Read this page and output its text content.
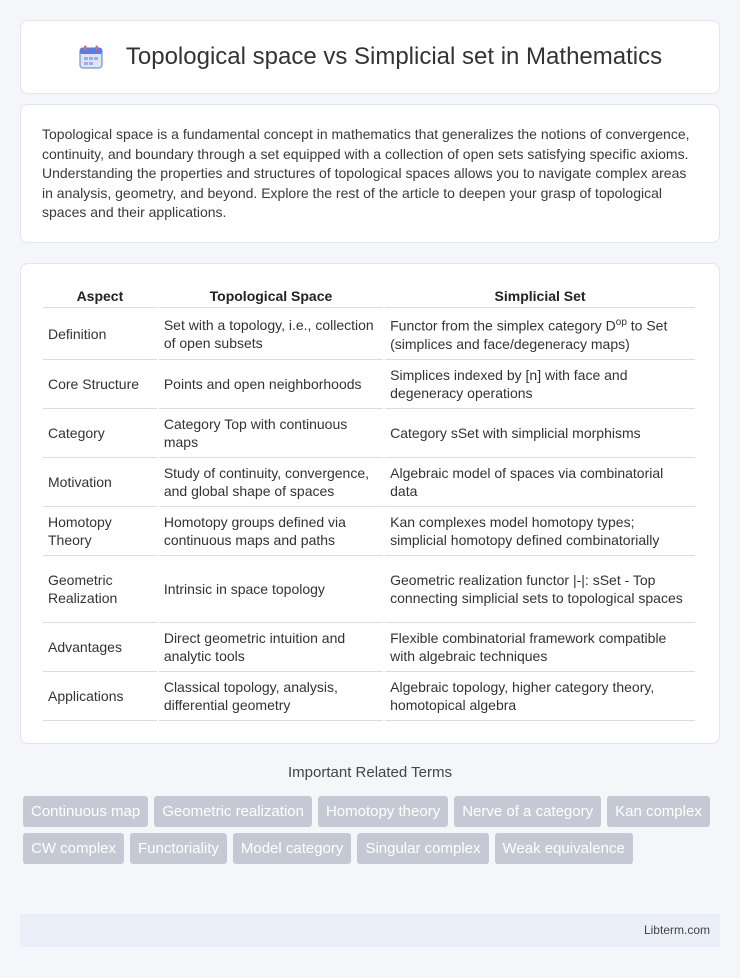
Topological space vs Simplicial set in Mathematics

Topological space is a fundamental concept in mathematics that generalizes the notions of convergence, continuity, and boundary through a set equipped with a collection of open sets satisfying specific axioms. Understanding the properties and structures of topological spaces allows you to navigate complex areas in analysis, geometry, and beyond. Explore the rest of the article to deepen your grasp of topological spaces and their applications.

Aspect	Topological Space	Simplicial Set
Definition	Set with a topology, i.e., collection of open subsets	Functor from the simplex category $D^{op}$ to Set (simplices and face/degeneracy maps)
Core Structure	Points and open neighborhoods	Simplices indexed by [n] with face and degeneracy operations
Category	Category Top with continuous maps	Category sSet with simplicial morphisms
Motivation	Study of continuity, convergence, and global shape of spaces	Algebraic model of spaces via combinatorial data
Homotopy Theory	Homotopy groups defined via continuous maps and paths	Kan complexes model homotopy types; simplicial homotopy defined combinatorially
Geometric Realization	Intrinsic in space topology	Geometric realization functor |-|: sSet - Top connecting simplicial sets to topological spaces
Advantages	Direct geometric intuition and analytic tools	Flexible combinatorial framework compatible with algebraic techniques
Applications	Classical topology, analysis, differential geometry	Algebraic topology, higher category theory, homotopical algebra
Important Related Terms
Continuous map	Geometric realization	Homotopy theory	Nerve of a category	Kan complex
CW complex	Functoriality	Model category	Singular complex	Weak equivalence
Libterm.com
